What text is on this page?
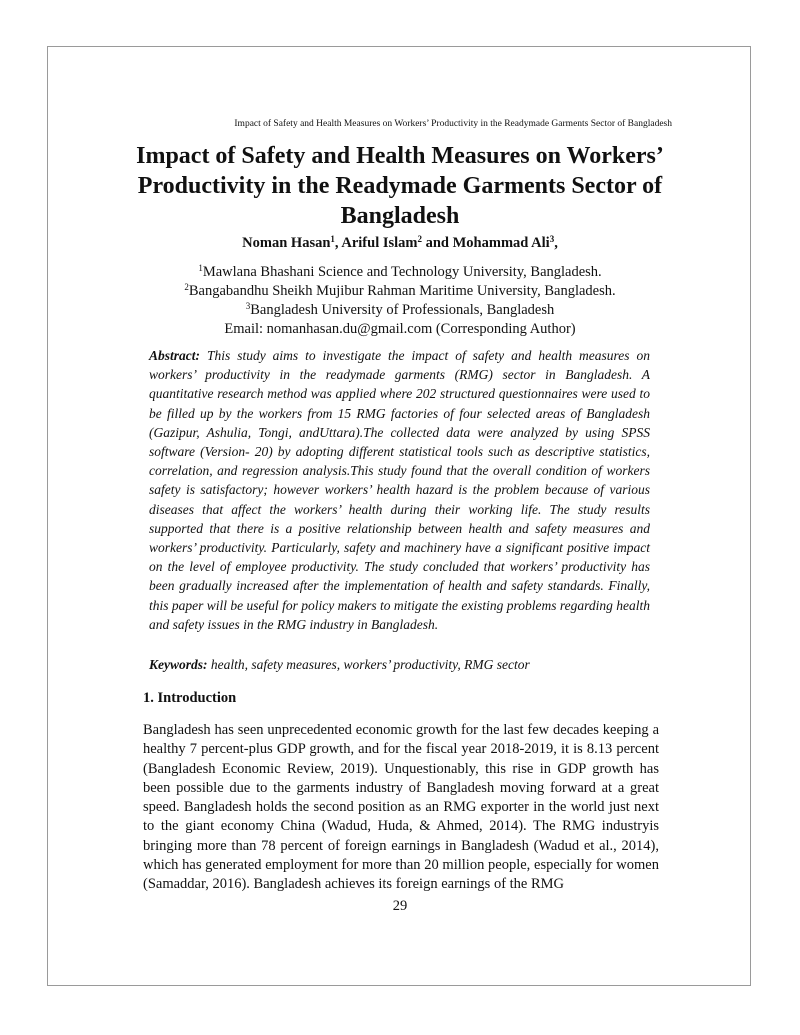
Impact of Safety and Health Measures on Workers’ Productivity in the Readymade Garments Sector of Bangladesh
Impact of Safety and Health Measures on Workers’ Productivity in the Readymade Garments Sector of Bangladesh
Noman Hasan$^1$, Ariful Islam$^2$ and Mohammad Ali$^3$,
$^1$Mawlana Bhashani Science and Technology University, Bangladesh.
$^2$Bangabandhu Sheikh Mujibur Rahman Maritime University, Bangladesh.
$^3$Bangladesh University of Professionals, Bangladesh
Email: nomanhasan.du@gmail.com (Corresponding Author)
Abstract: This study aims to investigate the impact of safety and health measures on workers’ productivity in the readymade garments (RMG) sector in Bangladesh. A quantitative research method was applied where 202 structured questionnaires were used to be filled up by the workers from 15 RMG factories of four selected areas of Bangladesh (Gazipur, Ashulia, Tongi, andUttara).The collected data were analyzed by using SPSS software (Version- 20) by adopting different statistical tools such as descriptive statistics, correlation, and regression analysis.This study found that the overall condition of workers safety is satisfactory; however workers’ health hazard is the problem because of various diseases that affect the workers’ health during their working life. The study results supported that there is a positive relationship between health and safety measures and workers’ productivity. Particularly, safety and machinery have a significant positive impact on the level of employee productivity. The study concluded that workers’ productivity has been gradually increased after the implementation of health and safety standards. Finally, this paper will be useful for policy makers to mitigate the existing problems regarding health and safety issues in the RMG industry in Bangladesh.
Keywords: health, safety measures, workers’ productivity, RMG sector
1. Introduction
Bangladesh has seen unprecedented economic growth for the last few decades keeping a healthy 7 percent-plus GDP growth, and for the fiscal year 2018-2019, it is 8.13 percent (Bangladesh Economic Review, 2019). Unquestionably, this rise in GDP growth has been possible due to the garments industry of Bangladesh moving forward at a great speed. Bangladesh holds the second position as an RMG exporter in the world just next to the giant economy China (Wadud, Huda, & Ahmed, 2014). The RMG industryis bringing more than 78 percent of foreign earnings in Bangladesh (Wadud et al., 2014), which has generated employment for more than 20 million people, especially for women (Samaddar, 2016). Bangladesh achieves its foreign earnings of the RMG
29
